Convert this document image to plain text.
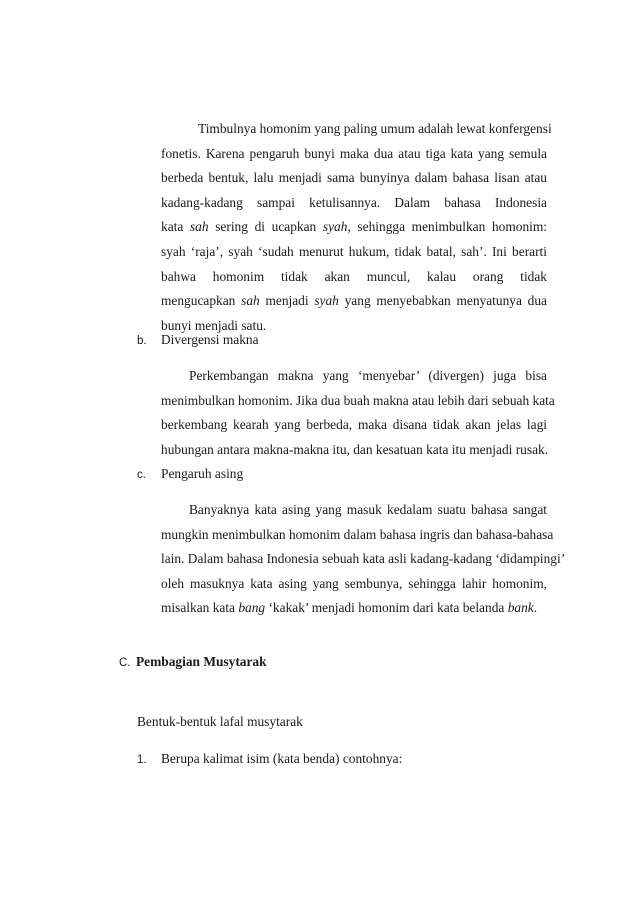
Timbulnya homonim yang paling umum adalah lewat konfergensi
fonetis. Karena pengaruh bunyi maka dua atau tiga kata yang semula
berbeda bentuk, lalu menjadi sama bunyinya dalam bahasa lisan atau
kadang-kadang sampai ketulisannya. Dalam bahasa Indonesia
kata sah sering di ucapkan syah, sehingga menimbulkan homonim:
syah ‘raja’, syah ‘sudah menurut hukum, tidak batal, sah’. Ini berarti
bahwa homonim tidak akan muncul, kalau orang tidak
mengucapkan sah menjadi syah yang menyebabkan menyatunya dua
bunyi menjadi satu.
b. Divergensi makna
Perkembangan makna yang ‘menyebar’ (divergen) juga bisa
menimbulkan homonim. Jika dua buah makna atau lebih dari sebuah kata
berkembang kearah yang berbeda, maka disana tidak akan jelas lagi
hubungan antara makna-makna itu, dan kesatuan kata itu menjadi rusak.
c. Pengaruh asing
Banyaknya kata asing yang masuk kedalam suatu bahasa sangat
mungkin menimbulkan homonim dalam bahasa ingris dan bahasa-bahasa
lain. Dalam bahasa Indonesia sebuah kata asli kadang-kadang ‘didampingi’
oleh masuknya kata asing yang sembunya, sehingga lahir homonim,
misalkan kata bang ‘kakak’ menjadi homonim dari kata belanda bank.
C. Pembagian Musytarak
Bentuk-bentuk lafal musytarak
1. Berupa kalimat isim (kata benda) contohnya:
